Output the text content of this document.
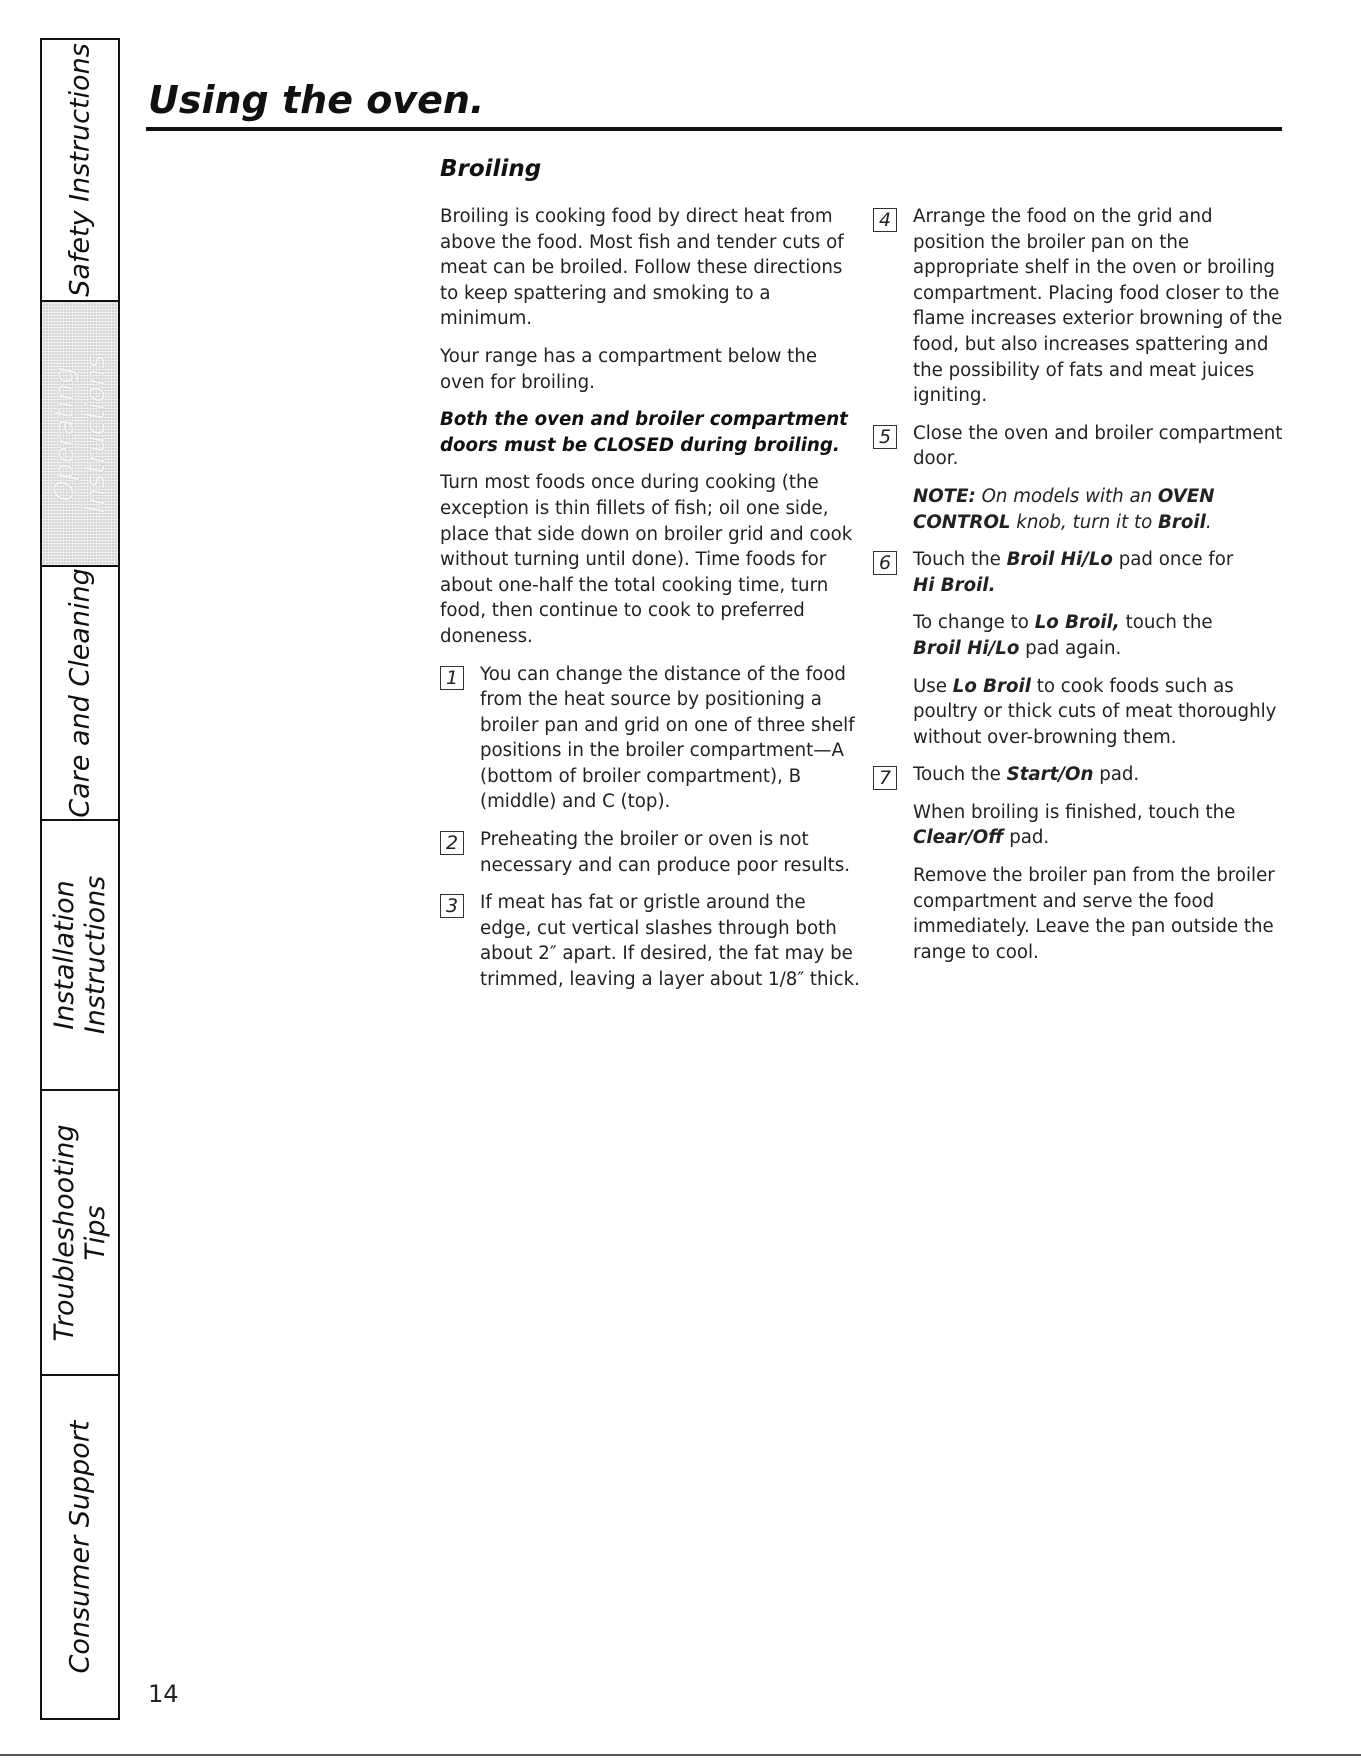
Safety Instructions
Operating
Instructions
Care and Cleaning
Installation
Instructions
Troubleshooting
Tips
Consumer Support
Using the oven.
Broiling

Broiling is cooking food by direct heat from above the food. Most fish and tender cuts of meat can be broiled. Follow these directions to keep spattering and smoking to a minimum.

Your range has a compartment below the oven for broiling.

Both the oven and broiler compartment doors must be CLOSED during broiling.

Turn most foods once during cooking (the exception is thin fillets of fish; oil one side, place that side down on broiler grid and cook without turning until done). Time foods for about one-half the total cooking time, turn food, then continue to cook to preferred doneness.

1	You can change the distance of the food from the heat source by positioning a broiler pan and grid on one of three shelf positions in the broiler compartment—A (bottom of broiler compartment), B (middle) and C (top).
2	Preheating the broiler or oven is not necessary and can produce poor results.
3	If meat has fat or gristle around the edge, cut vertical slashes through both about 2″ apart. If desired, the fat may be trimmed, leaving a layer about 1/8″ thick.
4	Arrange the food on the grid and position the broiler pan on the appropriate shelf in the oven or broiling compartment. Placing food closer to the flame increases exterior browning of the food, but also increases spattering and the possibility of fats and meat juices igniting.
5	Close the oven and broiler compartment door.

NOTE: On models with an OVEN CONTROL knob, turn it to Broil.

6	Touch the Broil Hi/Lo pad once for
Hi Broil.

To change to Lo Broil, touch the
Broil Hi/Lo pad again.

Use Lo Broil to cook foods such as poultry or thick cuts of meat thoroughly without over-browning them.

7	Touch the Start/On pad.

When broiling is finished, touch the
Clear/Off pad.

Remove the broiler pan from the broiler compartment and serve the food immediately. Leave the pan outside the range to cool.

14
